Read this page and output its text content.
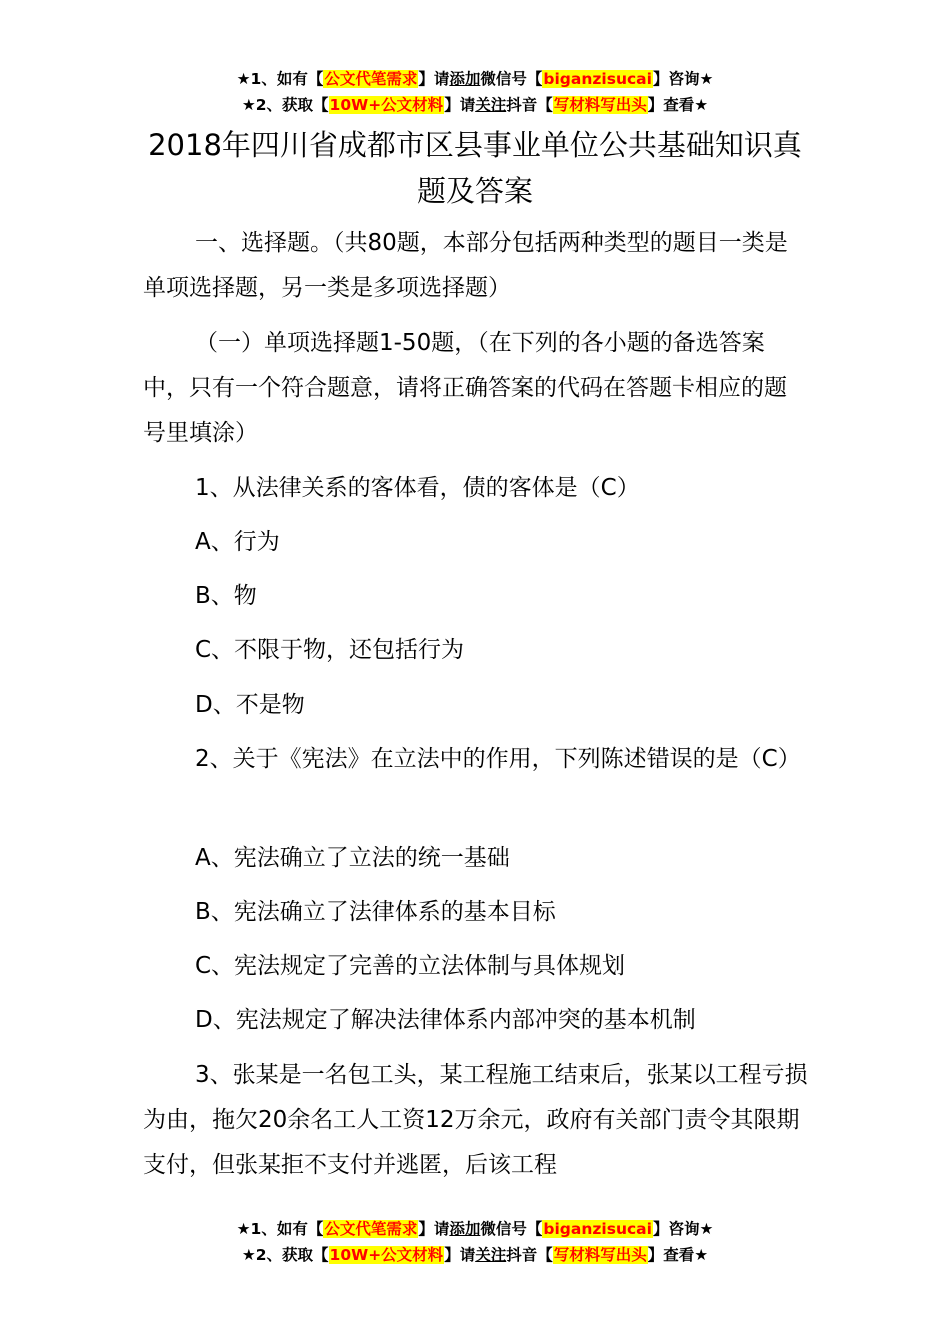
★1、如有【公文代笔需求】请添加微信号【biganzisucai】咨询★
★2、获取【10W+公文材料】请关注抖音【写材料写出头】查看★
2018年四川省成都市区县事业单位公共基础知识真题及答案

一、选择题。（共80题，本部分包括两种类型的题目一类是单项选择题，另一类是多项选择题）

（一）单项选择题1-50题，（在下列的各小题的备选答案中，只有一个符合题意，请将正确答案的代码在答题卡相应的题号里填涂）

1、从法律关系的客体看，债的客体是（C）

A、行为

B、物

C、不限于物，还包括行为

D、不是物

2、关于《宪法》在立法中的作用，下列陈述错误的是（C）

A、宪法确立了立法的统一基础

B、宪法确立了法律体系的基本目标

C、宪法规定了完善的立法体制与具体规划

D、宪法规定了解决法律体系内部冲突的基本机制

3、张某是一名包工头，某工程施工结束后，张某以工程亏损为由，拖欠20余名工人工资12万余元，政府有关部门责令其限期支付，但张某拒不支付并逃匿，后该工程

★1、如有【公文代笔需求】请添加微信号【biganzisucai】咨询★
★2、获取【10W+公文材料】请关注抖音【写材料写出头】查看★
